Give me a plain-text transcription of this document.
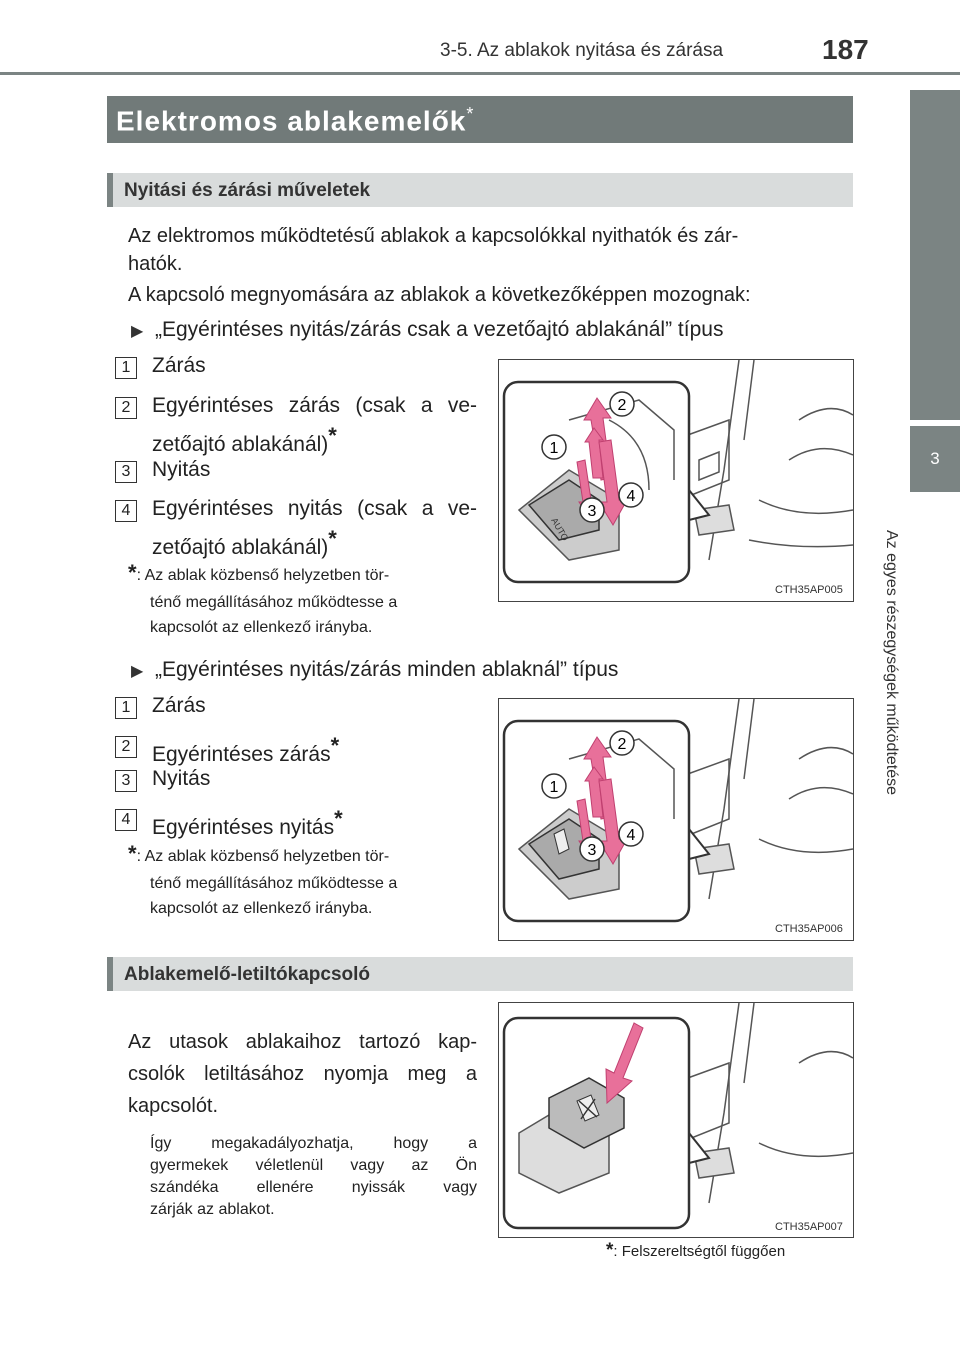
3-5. Az ablakok nyitása és zárása	187
3
Az egyes részegységek működtetése
Elektromos ablakemelők*
Nyitási és zárási műveletek
Az elektromos működtetésű ablakok a kapcsolókkal nyithatók és zár-
hatók.
A kapcsoló megnyomására az ablakok a következőképpen mozognak:
▶ „Egyérintéses nyitás/zárás csak a vezetőajtó ablakánál” típus
1	Zárás
2	Egyérintéses zárás (csak a ve-
zetőajtó ablakánál)*
3	Nyitás
4	Egyérintéses nyitás (csak a ve-
zetőajtó ablakánál)*
*: Az ablak közbenső helyzetben tör-
ténő megállításához működtesse a
kapcsolót az ellenkező irányba.
AUTO
2
1
4
3
CTH35AP005
▶ „Egyérintéses nyitás/zárás minden ablaknál” típus
1	Zárás
2	Egyérintéses zárás*
3	Nyitás
4	Egyérintéses nyitás*
*: Az ablak közbenső helyzetben tör-
ténő megállításához működtesse a
kapcsolót az ellenkező irányba.
2
1
4
3
CTH35AP006
Ablakemelő-letiltókapcsoló
Az utasok ablakaihoz tartozó kap-
csolók letiltásához nyomja meg a
kapcsolót.
Így megakadályozhatja, hogy a
gyermekek véletlenül vagy az Ön
szándéka ellenére nyissák vagy
zárják az ablakot.
CTH35AP007
*: Felszereltségtől függően
